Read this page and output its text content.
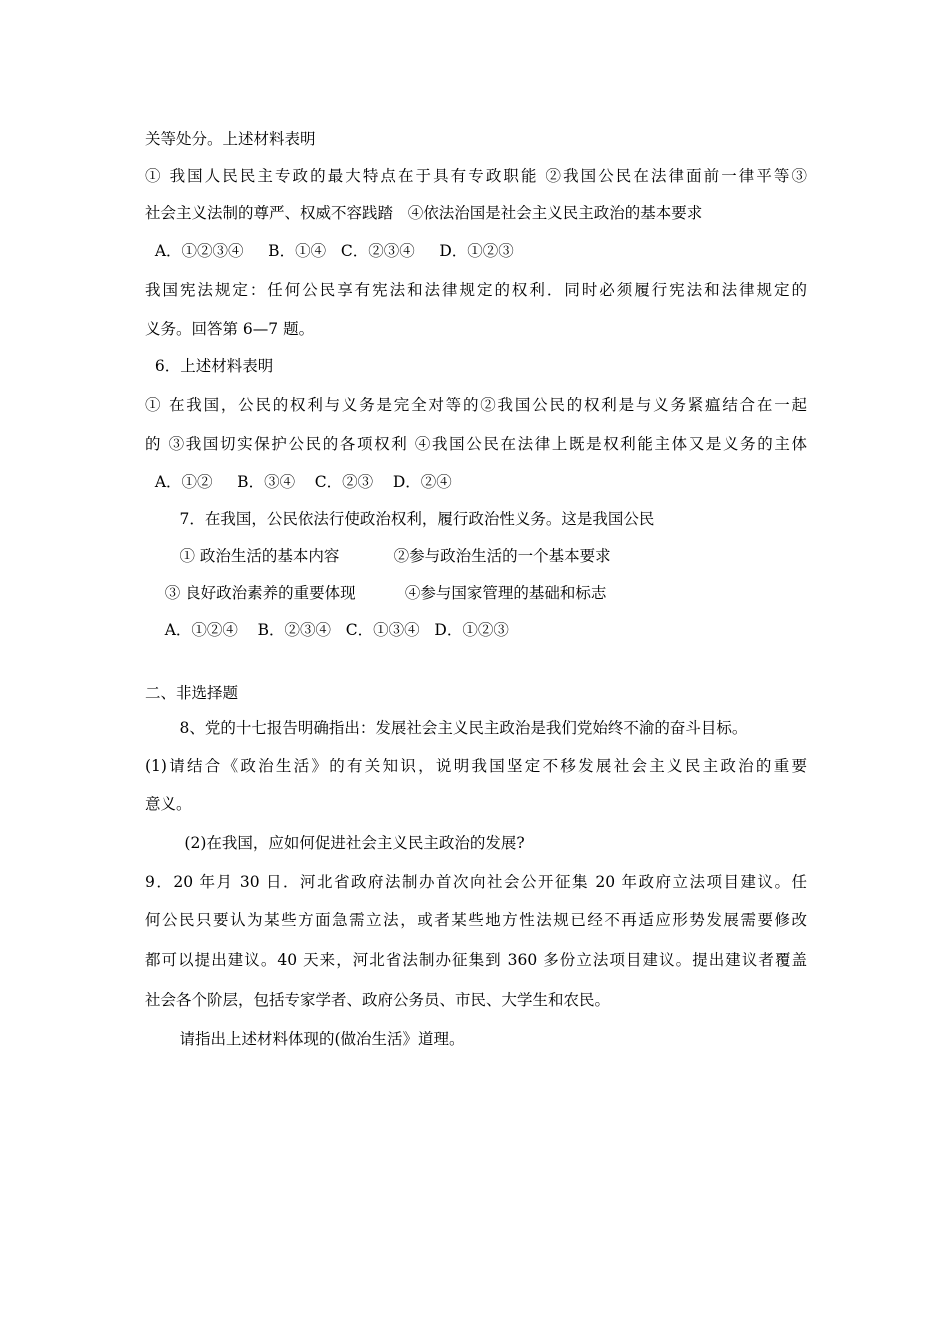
关等处分。上述材料表明
① 我国人民民主专政的最大特点在于具有专政职能 ②我国公民在法律面前一律平等③
社会主义法制的尊严、权威不容践踏   ④依法治国是社会主义民主政治的基本要求
A．①②③④     B．①④   C．②③④     D．①②③
我国宪法规定：任何公民享有宪法和法律规定的权利．同时必须履行宪法和法律规定的
义务。回答第 6—7 题。
6．上述材料表明
① 在我国，公民的权利与义务是完全对等的②我国公民的权利是与义务紧瘟结合在一起
的 ③我国切实保护公民的各项权利 ④我国公民在法律上既是权利能主体又是义务的主体
A．①②     B．③④    C．②③    D．②④
7．在我国，公民依法行使政治权利，履行政治性义务。这是我国公民
① 政治生活的基本内容           ②参与政治生活的一个基本要求
③ 良好政治素养的重要体现          ④参与国家管理的基础和标志
A．①②④    B．②③④   C．①③④   D．①②③
二、非选择题
8、党的十七报告明确指出：发展社会主义民主政治是我们党始终不渝的奋斗目标。
(1)请结合《政治生活》的有关知识，说明我国坚定不移发展社会主义民主政治的重要
意义。
(2)在我国，应如何促进社会主义民主政治的发展?
9．20 年月 30 日．河北省政府法制办首次向社会公开征集 20 年政府立法项目建议。任
何公民只要认为某些方面急需立法，或者某些地方性法规已经不再适应形势发展需要修改
都可以提出建议。40 天来，河北省法制办征集到 360 多份立法项目建议。提出建议者覆盖
社会各个阶层，包括专家学者、政府公务员、市民、大学生和农民。
请指出上述材料体现的(做冶生活》道理。
